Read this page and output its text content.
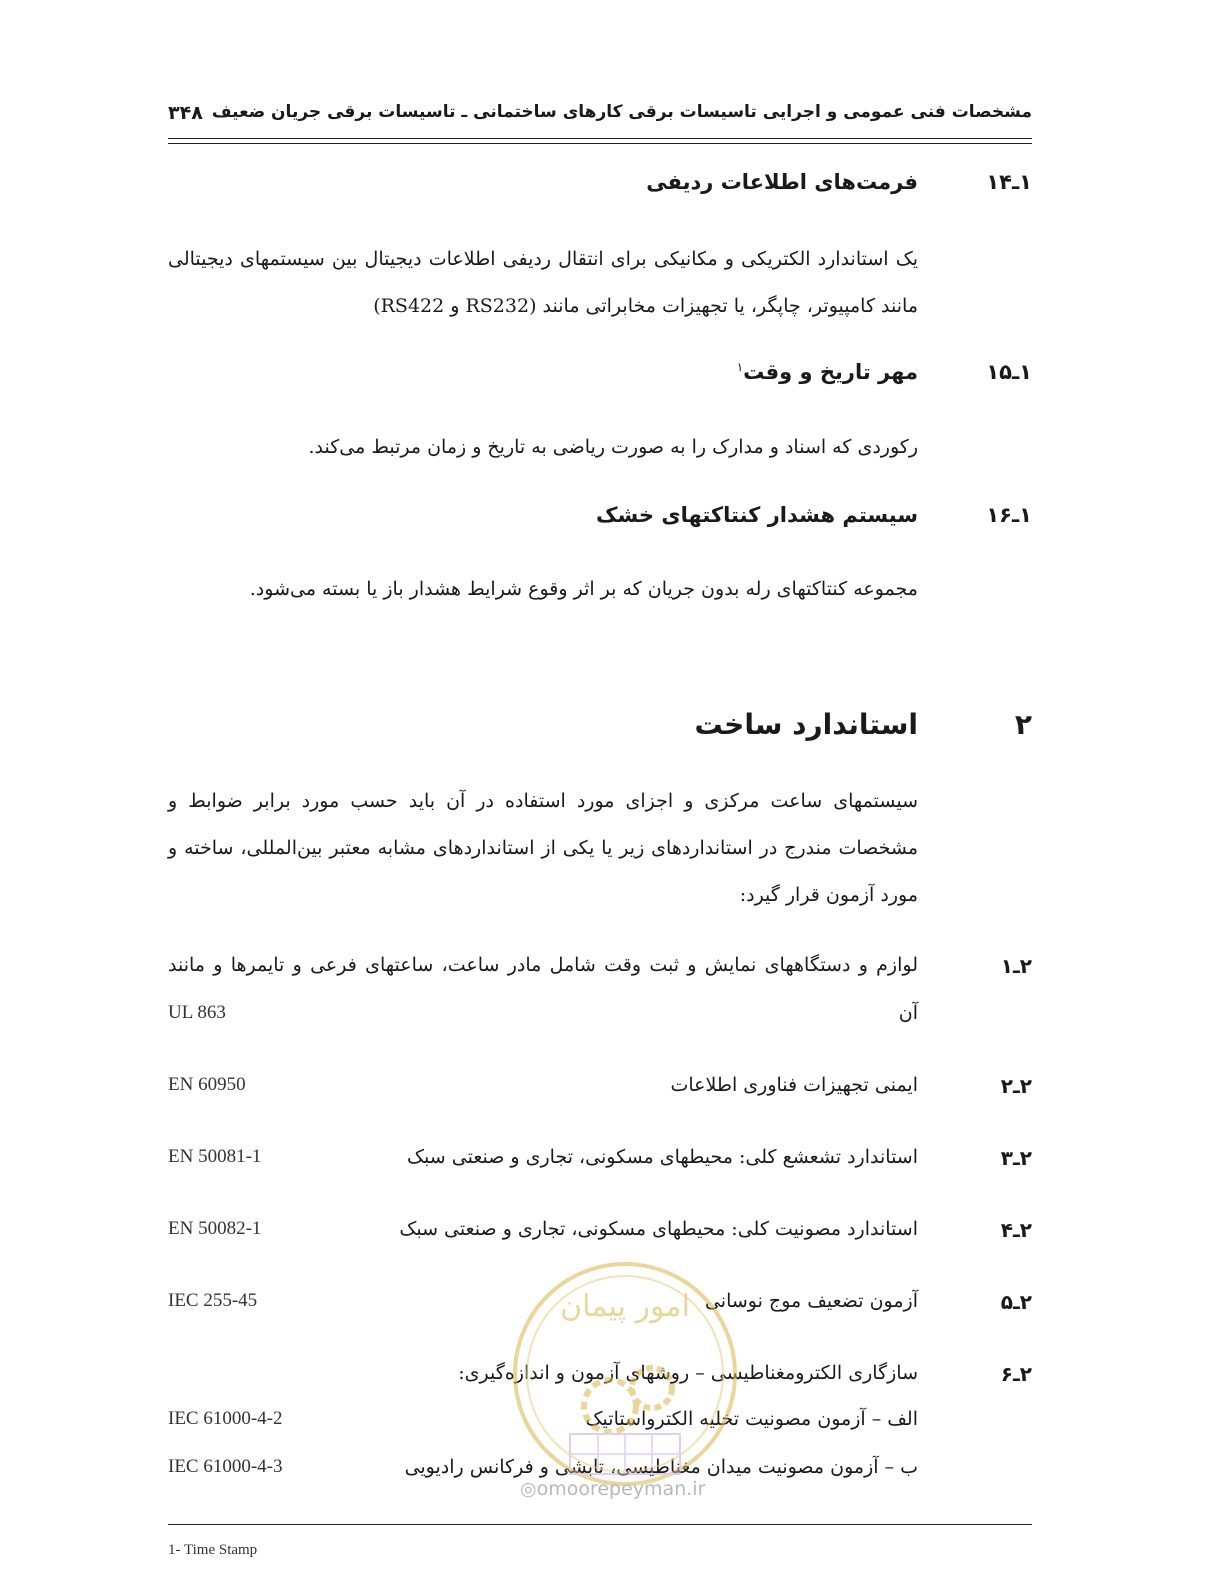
۳۴۸ مشخصات فنی عمومی و اجرایی تاسیسات برقی کارهای ساختمانی ـ تاسیسات برقی جریان ضعیف
۱ـ۱۴
فرمت‌های اطلاعات ردیفی
یک استاندارد الکتریکی و مکانیکی برای انتقال ردیفی اطلاعات دیجیتال بین سیستمهای دیجیتالی مانند کامپیوتر، چاپگر، یا تجهیزات مخابراتی مانند (RS232 و RS422)
۱ـ۱۵
مهر تاریخ و وقت$^۱$
رکوردی که اسناد و مدارک را به صورت ریاضی به تاریخ و زمان مرتبط می‌کند.
۱ـ۱۶
سیستم هشدار کنتاکتهای خشک
مجموعه کنتاکتهای رله بدون جریان که بر اثر وقوع شرایط هشدار باز یا بسته می‌شود.
۲
استاندارد ساخت
سیستمهای ساعت مرکزی و اجزای مورد استفاده در آن باید حسب مورد برابر ضوابط و مشخصات مندرج در استانداردهای زیر یا یکی از استانداردهای مشابه معتبر بین‌المللی، ساخته و مورد آزمون قرار گیرد:
۲ـ۱
لوازم و دستگاههای نمایش و ثبت وقت شامل مادر ساعت، ساعتهای فرعی و تایمرها و مانند
آن
UL 863
۲ـ۲
ایمنی تجهیزات فناوری اطلاعات
EN 60950
۲ـ۳
استاندارد تشعشع کلی: محیطهای مسکونی، تجاری و صنعتی سبک
EN 50081-1
۲ـ۴
استاندارد مصونیت کلی: محیطهای مسکونی، تجاری و صنعتی سبک
EN 50082-1
۲ـ۵
آزمون تضعیف موج نوسانی
IEC 255-45
۲ـ۶
سازگاری الکترومغناطیسی – روشهای آزمون و اندازه‌گیری:
الف – آزمون مصونیت تخلیه الکترواستاتیک
IEC 61000-4-2
ب – آزمون مصونیت میدان مغناطیسی، تابشی و فرکانس رادیویی
IEC 61000-4-3
امور پیمان
◎omoorepeyman.ir
1- Time Stamp
